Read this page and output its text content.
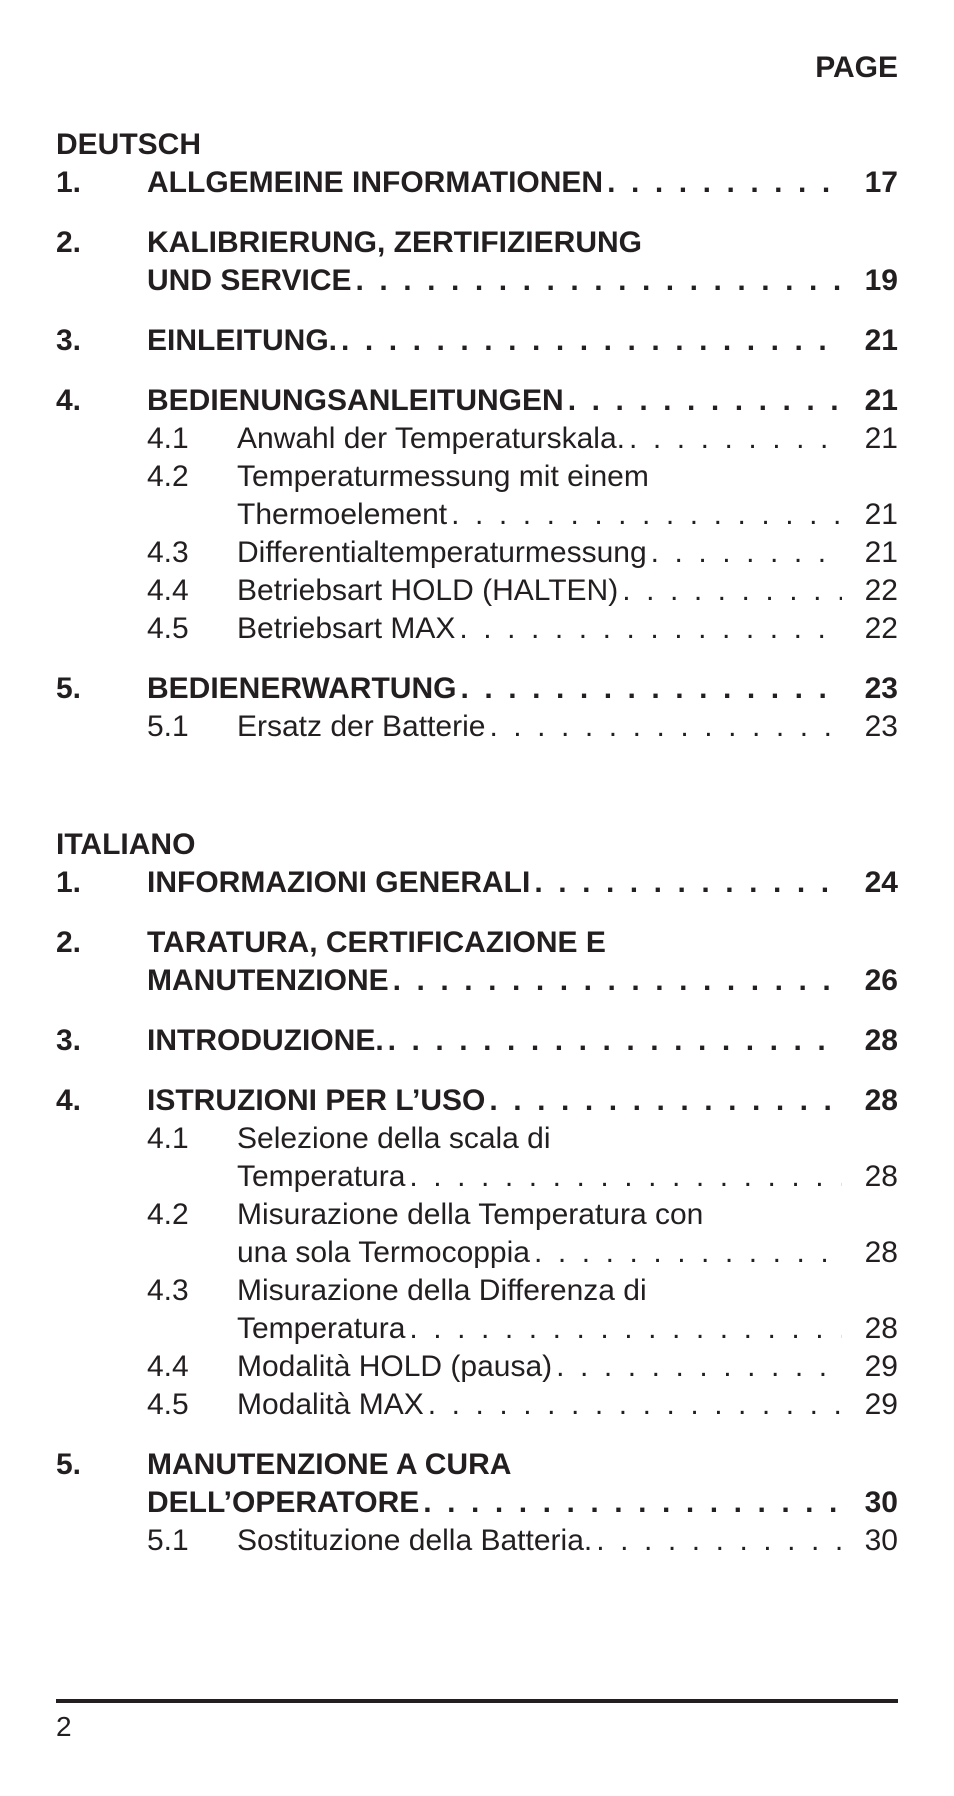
PAGE
DEUTSCH
1. ALLGEMEINE INFORMATIONEN . . .	17
2. KALIBRIERUNG, ZERTIFIZIERUNG
UND SERVICE . . .	19
3. EINLEITUNG. . . .	21
4. BEDIENUNGSANLEITUNGEN . . .	21
4.1 Anwahl der Temperaturskala. . . .	21
4.2 Temperaturmessung mit einem
Thermoelement . . .	21
4.3 Differentialtemperaturmessung . . .	21
4.4 Betriebsart HOLD (HALTEN) . . .	22
4.5 Betriebsart MAX . . .	22
5. BEDIENERWARTUNG . . .	23
5.1 Ersatz der Batterie . . .	23
ITALIANO
1. INFORMAZIONI GENERALI . . .	24
2. TARATURA, CERTIFICAZIONE E
MANUTENZIONE . . .	26
3. INTRODUZIONE. . . .	28
4. ISTRUZIONI PER L’USO . . .	28
4.1 Selezione della scala di
Temperatura . . .	28
4.2 Misurazione della Temperatura con
una sola Termocoppia . . .	28
4.3 Misurazione della Differenza di
Temperatura . . .	28
4.4 Modalità HOLD (pausa) . . .	29
4.5 Modalità MAX . . .	29
5. MANUTENZIONE A CURA
DELL’OPERATORE . . .	30
5.1 Sostituzione della Batteria. . . .	30
2
